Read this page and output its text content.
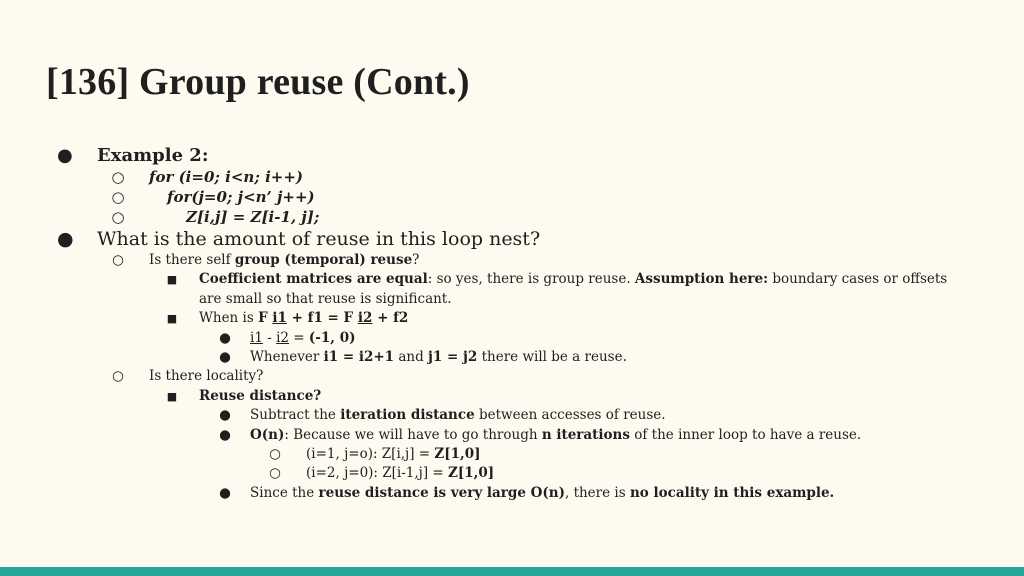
[136] Group reuse (Cont.)
● Example 2:
○ for (i=0; i<n; i++)
○	for(j=0; j<n’ j++)
○	Z[i,j] = Z[i-1, j];
● What is the amount of reuse in this loop nest?
○ Is there self group (temporal) reuse?
■ Coefficient matrices are equal: so yes, there is group reuse. Assumption here: boundary cases or offsets
are small so that reuse is significant.
■ When is F i1 + f1 = F i2 + f2
● i1 - i2 = (-1, 0)
● Whenever i1 = i2+1 and j1 = j2 there will be a reuse.
○ Is there locality?
■ Reuse distance?
● Subtract the iteration distance between accesses of reuse.
● O(n): Because we will have to go through n iterations of the inner loop to have a reuse.
○ (i=1, j=o): Z[i,j] = Z[1,0]
○ (i=2, j=0): Z[i-1,j] = Z[1,0]
● Since the reuse distance is very large O(n), there is no locality in this example.
